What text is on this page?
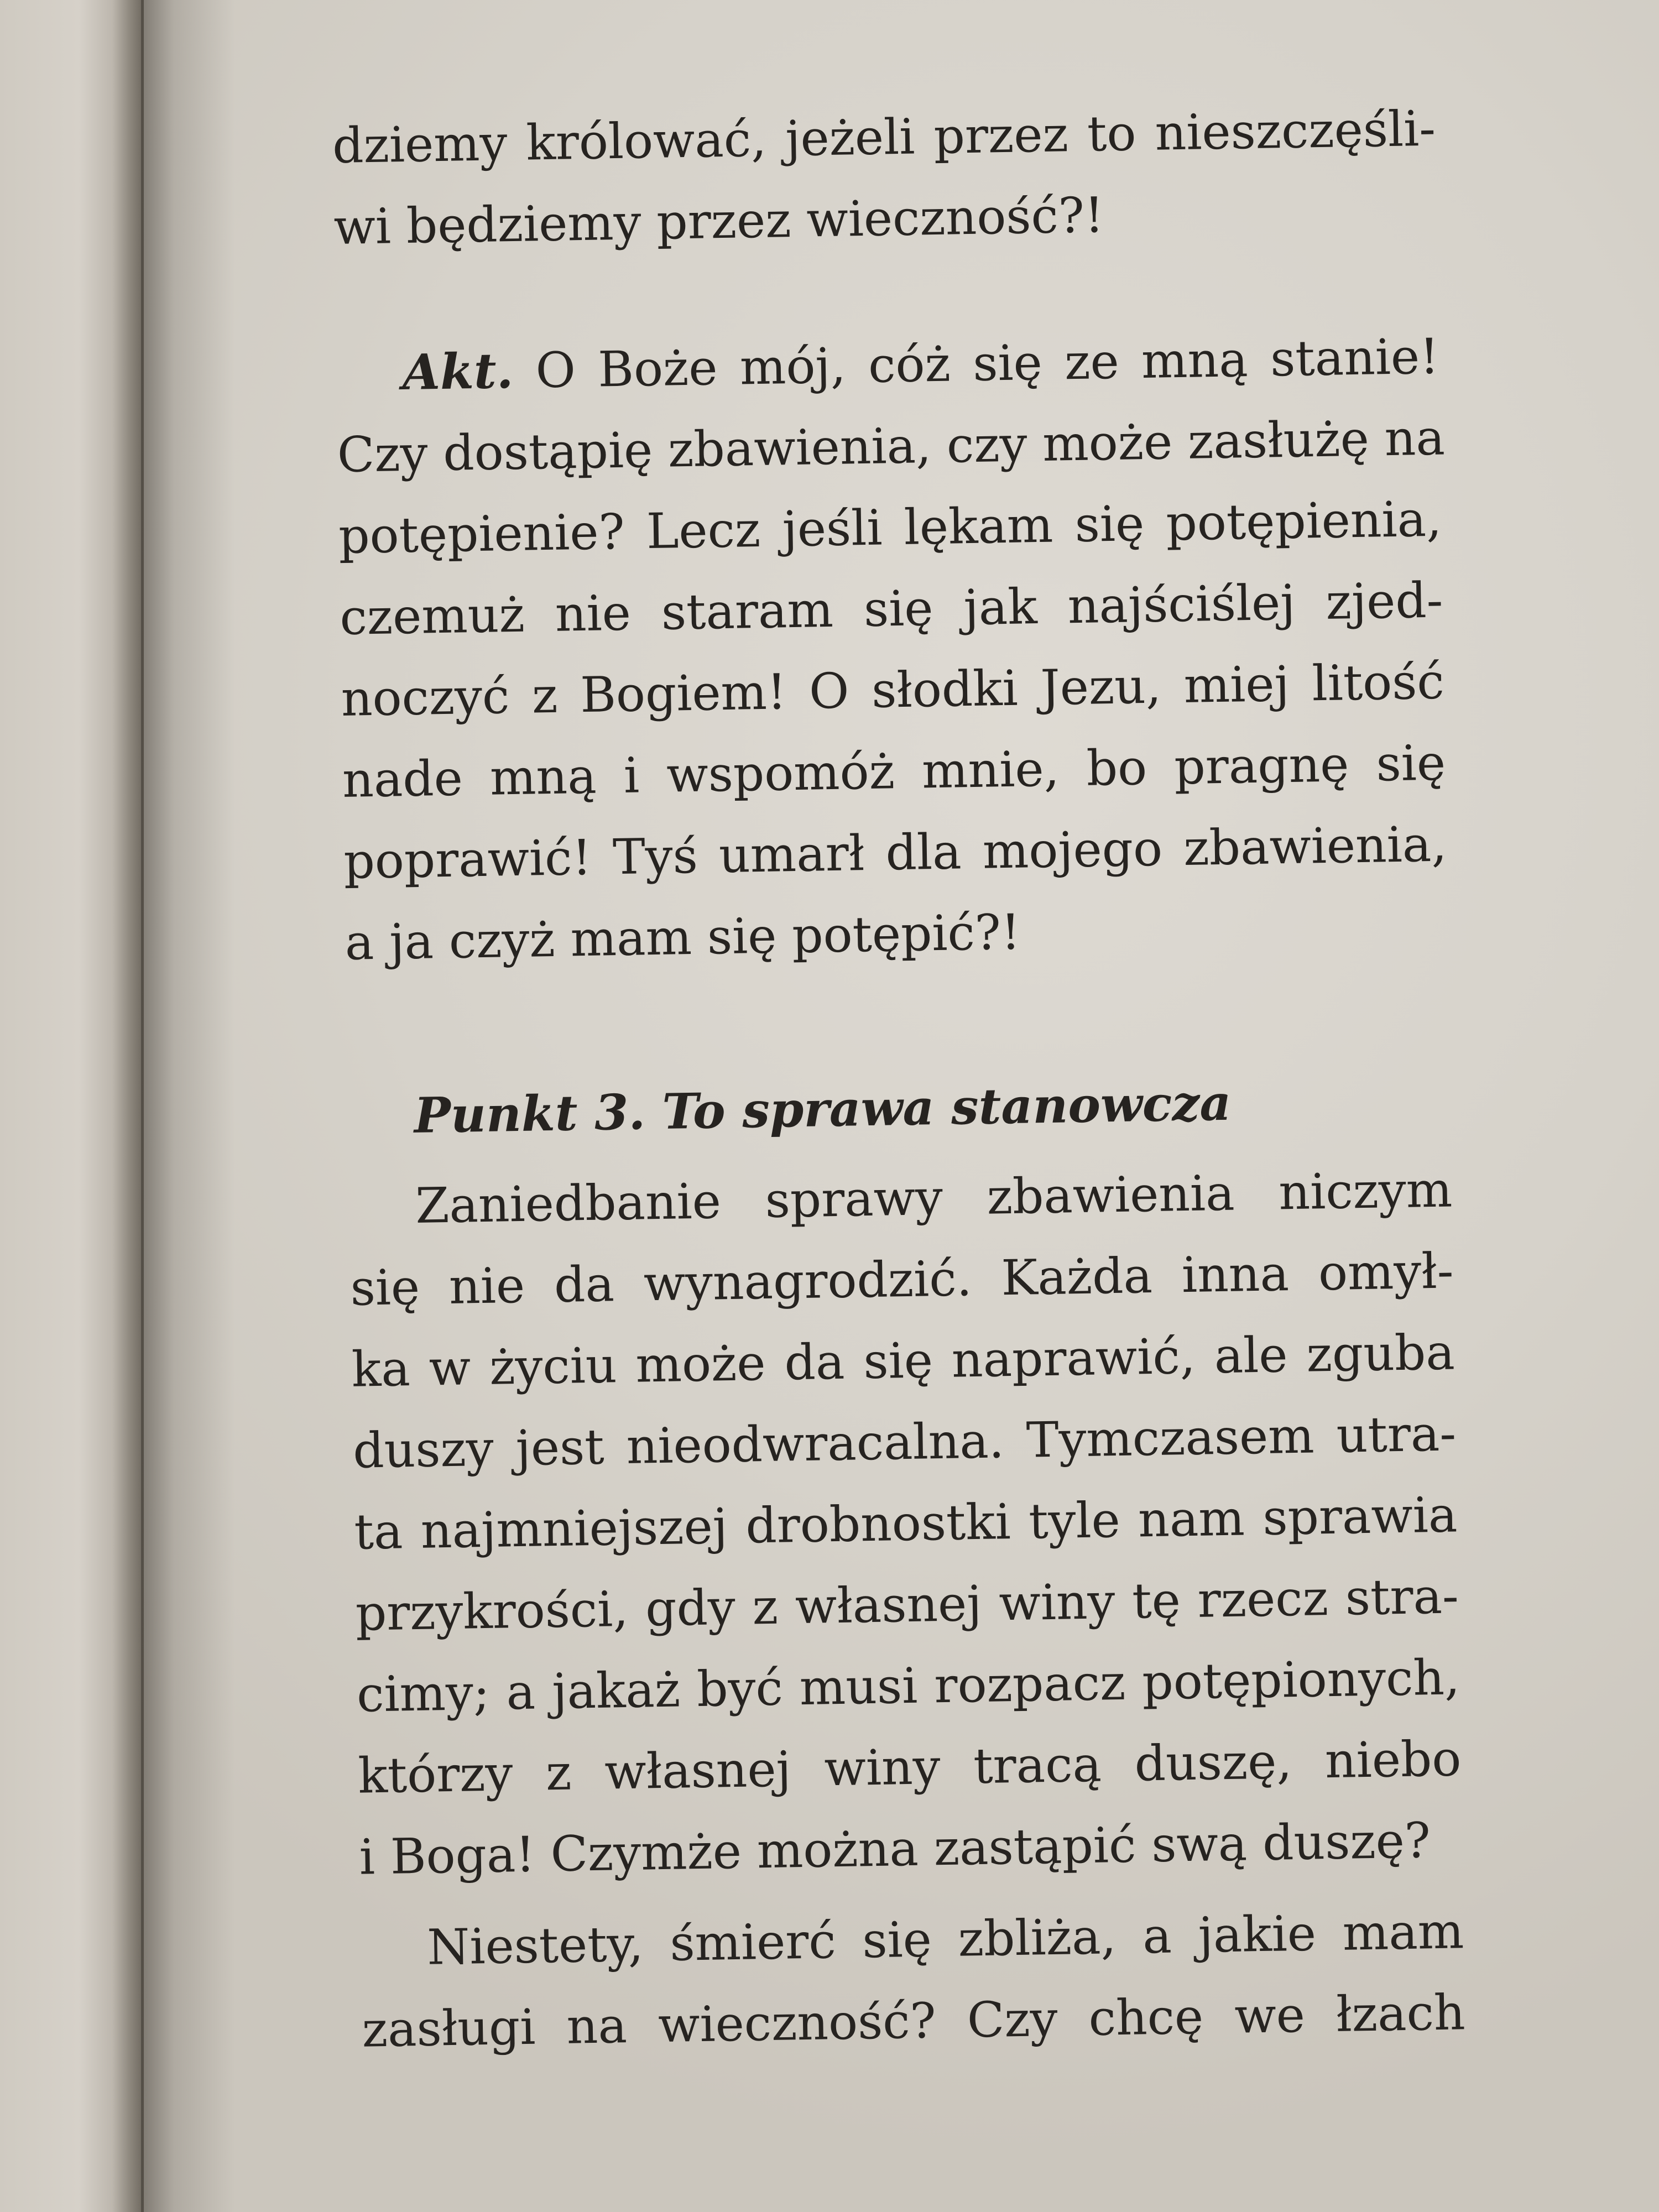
dziemy królować, jeżeli przez to nieszczęśli-
wi będziemy przez wieczność?!
Akt. O Boże mój, cóż się ze mną stanie!
Czy dostąpię zbawienia, czy może zasłużę na
potępienie? Lecz jeśli lękam się potępienia,
czemuż nie staram się jak najściślej zjed-
noczyć z Bogiem! O słodki Jezu, miej litość
nade mną i wspomóż mnie, bo pragnę się
poprawić! Tyś umarł dla mojego zbawienia,
a ja czyż mam się potępić?!
Punkt 3. To sprawa stanowcza
Zaniedbanie sprawy zbawienia niczym
się nie da wynagrodzić. Każda inna omył-
ka w życiu może da się naprawić, ale zguba
duszy jest nieodwracalna. Tymczasem utra-
ta najmniejszej drobnostki tyle nam sprawia
przykrości, gdy z własnej winy tę rzecz stra-
cimy; a jakaż być musi rozpacz potępionych,
którzy z własnej winy tracą duszę, niebo
i Boga! Czymże można zastąpić swą duszę?
Niestety, śmierć się zbliża, a jakie mam
zasługi na wieczność? Czy chcę we łzach
